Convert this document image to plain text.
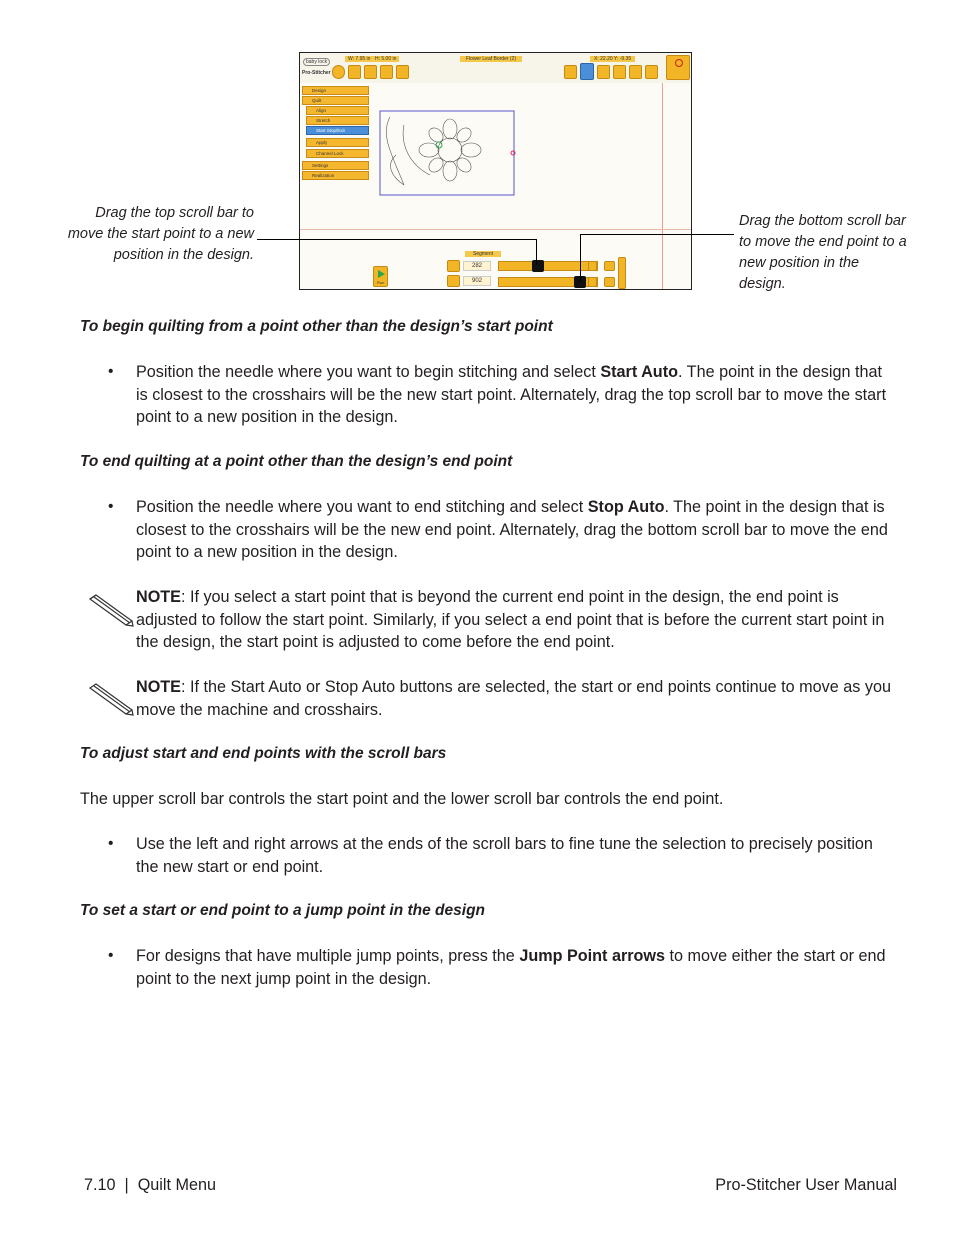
baby lock
Pro-Stitcher
W: 7.95 in H: 5.00 in	Flower Leaf Border (2)	X: 22.20 Y: -9.35
Design
Quilt
Align
Stretch
Start Stop/Exit
Apply
Channel Lock
Settings
Realization
Segment
Run
282
902
Drag the top scroll bar to move the start point to a new position in the design.
Drag the bottom scroll bar to move the end point to a new position in the design.
To begin quilting from a point other than the design’s start point
• Position the needle where you want to begin stitching and select Start Auto. The point in the design that is closest to the crosshairs will be the new start point. Alternately, drag the top scroll bar to move the start point to a new position in the design.
To end quilting at a point other than the design’s end point
• Position the needle where you want to end stitching and select Stop Auto. The point in the design that is closest to the crosshairs will be the new end point. Alternately, drag the bottom scroll bar to move the end point to a new position in the design.
NOTE: If you select a start point that is beyond the current end point in the design, the end point is adjusted to follow the start point. Similarly, if you select a end point that is before the current start point in the design, the start point is adjusted to come before the end point.
NOTE: If the Start Auto or Stop Auto buttons are selected, the start or end points continue to move as you move the machine and crosshairs.
To adjust start and end points with the scroll bars
The upper scroll bar controls the start point and the lower scroll bar controls the end point.
• Use the left and right arrows at the ends of the scroll bars to fine tune the selection to precisely position the new start or end point.
To set a start or end point to a jump point in the design
• For designs that have multiple jump points, press the Jump Point arrows to move either the start or end point to the next jump point in the design.
7.10  |  Quilt Menu	Pro-Stitcher User Manual
